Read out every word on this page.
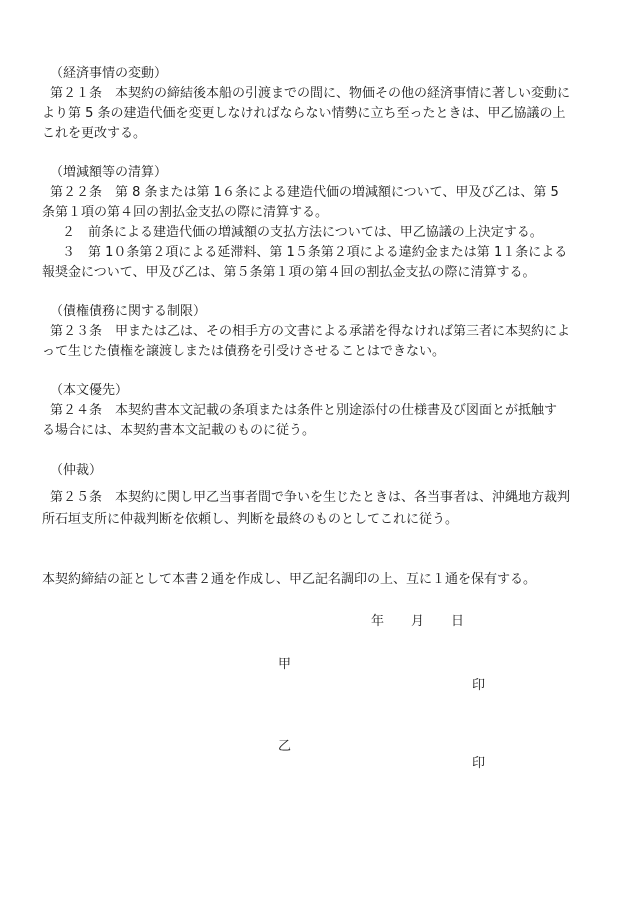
（経済事情の変動）
第２１条　本契約の締結後本船の引渡までの間に、物価その他の経済事情に著しい変動に
より第 5 条の建造代価を変更しなければならない情勢に立ち至ったときは、甲乙協議の上
これを更改する。
（増減額等の清算）
第２２条　第 8 条または第 1６条による建造代価の増減額について、甲及び乙は、第 5
条第１項の第４回の割払金支払の際に清算する。
２　前条による建造代価の増減額の支払方法については、甲乙協議の上決定する。
３　第 1０条第２項による延滞料、第 1５条第２項による違約金または第 1１条による
報奨金について、甲及び乙は、第５条第１項の第４回の割払金支払の際に清算する。
（債権債務に関する制限）
第２３条　甲または乙は、その相手方の文書による承諾を得なければ第三者に本契約によ
って生じた債権を譲渡しまたは債務を引受けさせることはできない。
（本文優先）
第２４条　本契約書本文記載の条項または条件と別途添付の仕様書及び図面とが抵触す
る場合には、本契約書本文記載のものに従う。
（仲裁）
第２５条　本契約に関し甲乙当事者間で争いを生じたときは、各当事者は、沖縄地方裁判
所石垣支所に仲裁判断を依頼し、判断を最終のものとしてこれに従う。
本契約締結の証として本書２通を作成し、甲乙記名調印の上、互に１通を保有する。
年 月 日
甲
印
乙
印
